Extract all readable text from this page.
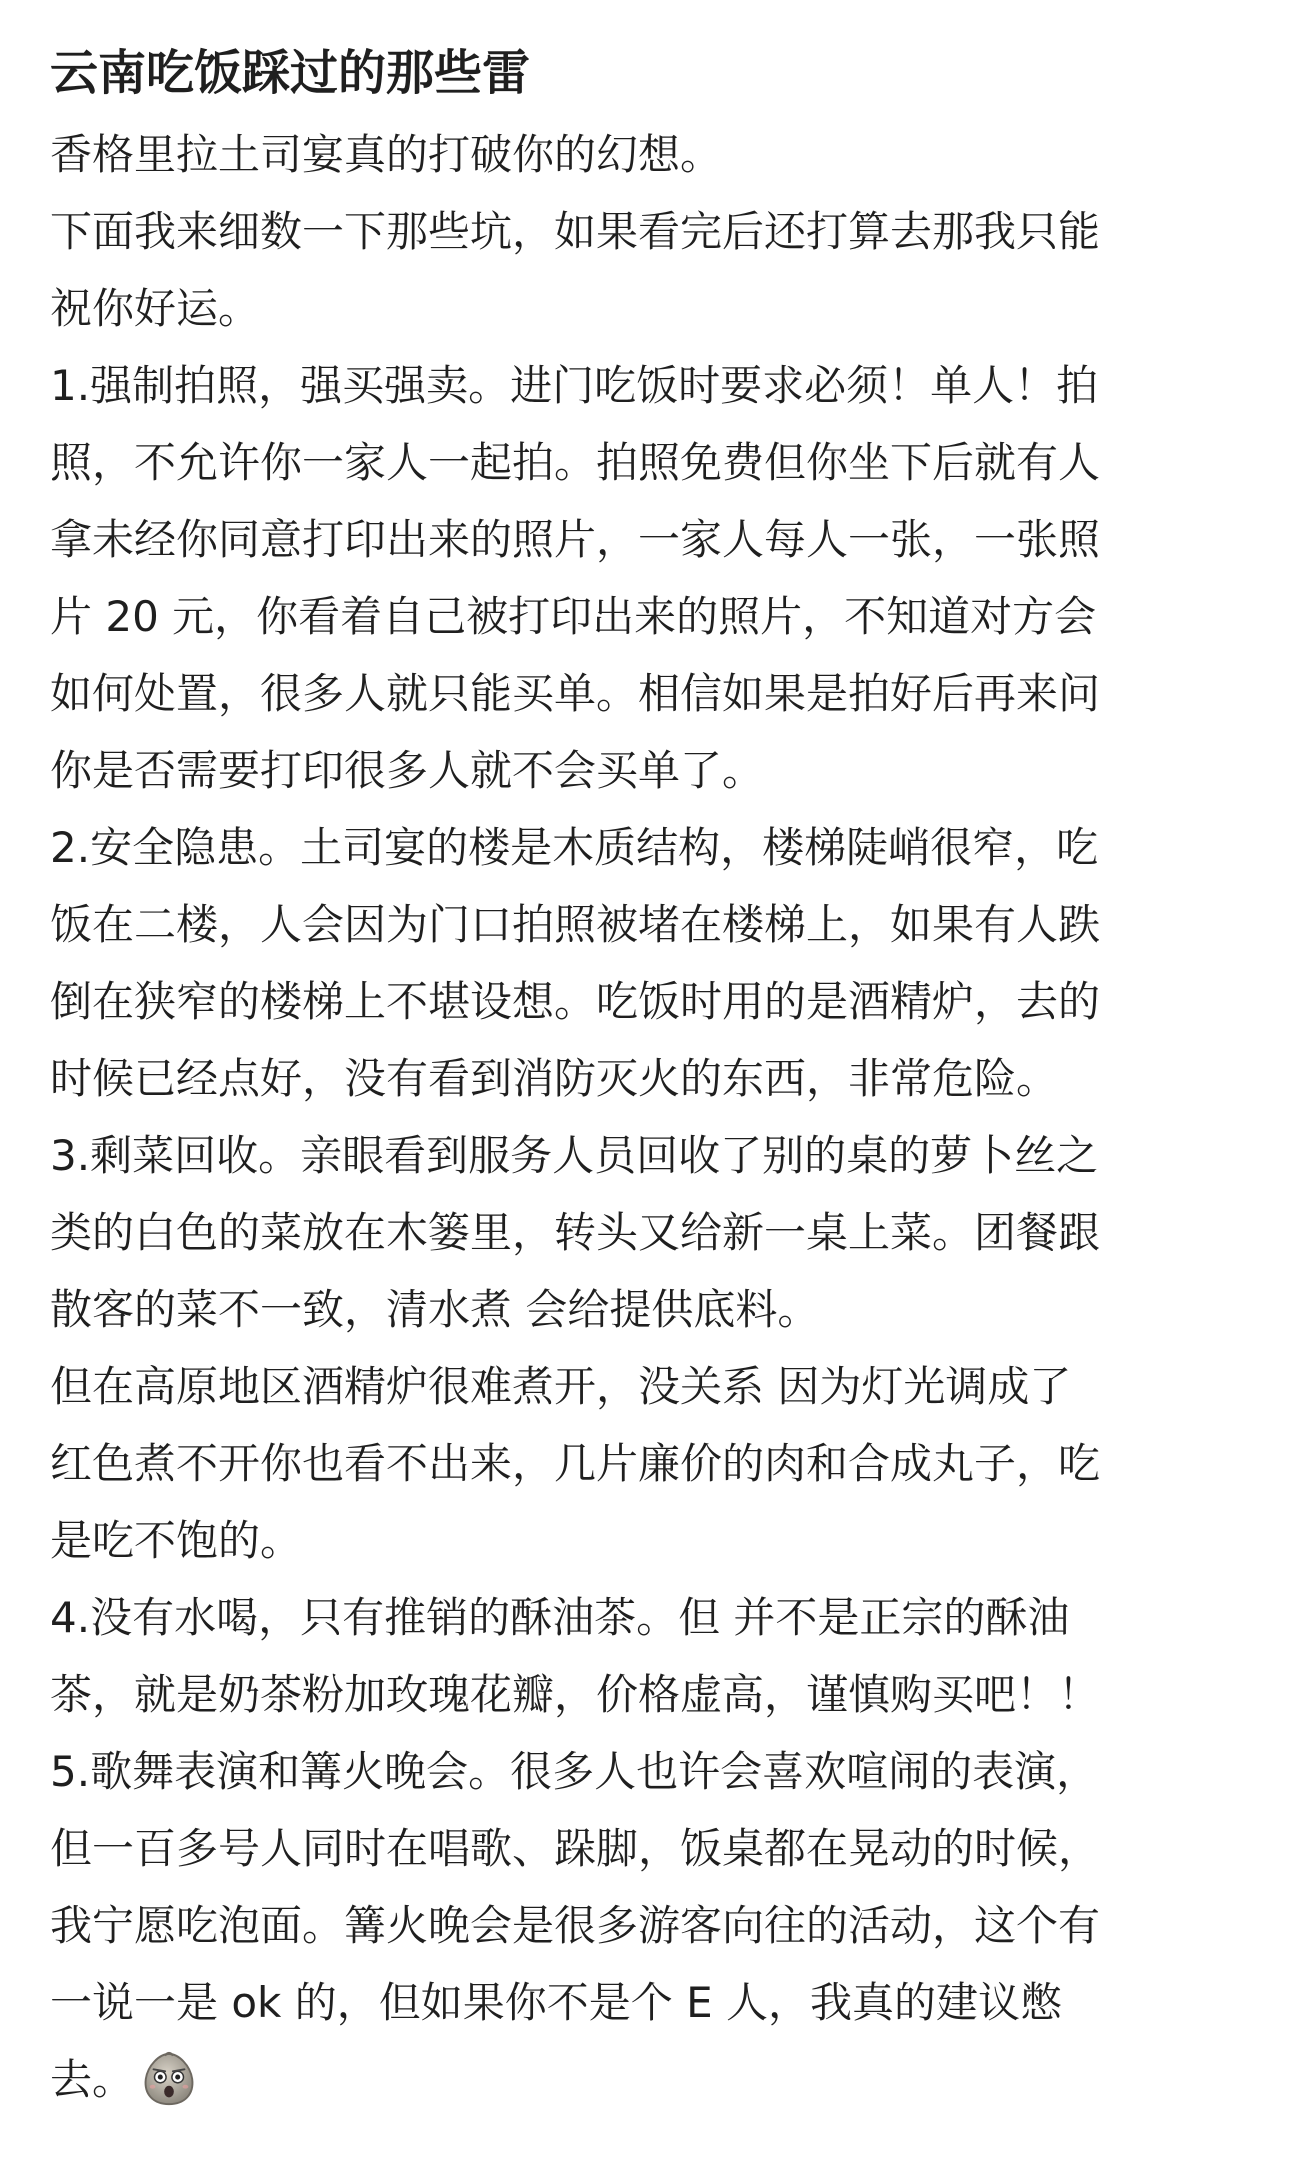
云南吃饭踩过的那些雷
香格里拉土司宴真的打破你的幻想。
下面我来细数一下那些坑，如果看完后还打算去那我只能
祝你好运。
1.强制拍照，强买强卖。进门吃饭时要求必须！单人！拍
照，不允许你一家人一起拍。拍照免费但你坐下后就有人
拿未经你同意打印出来的照片，一家人每人一张，一张照
片 20 元，你看着自己被打印出来的照片，不知道对方会
如何处置，很多人就只能买单。相信如果是拍好后再来问
你是否需要打印很多人就不会买单了。
2.安全隐患。土司宴的楼是木质结构，楼梯陡峭很窄，吃
饭在二楼，人会因为门口拍照被堵在楼梯上，如果有人跌
倒在狭窄的楼梯上不堪设想。吃饭时用的是酒精炉，去的
时候已经点好，没有看到消防灭火的东西，非常危险。
3.剩菜回收。亲眼看到服务人员回收了别的桌的萝卜丝之
类的白色的菜放在木篓里，转头又给新一桌上菜。团餐跟
散客的菜不一致，清水煮 会给提供底料。
但在高原地区酒精炉很难煮开，没关系 因为灯光调成了
红色煮不开你也看不出来，几片廉价的肉和合成丸子，吃
是吃不饱的。
4.没有水喝，只有推销的酥油茶。但 并不是正宗的酥油
茶，就是奶茶粉加玫瑰花瓣，价格虚高，谨慎购买吧！！
5.歌舞表演和篝火晚会。很多人也许会喜欢喧闹的表演，
但一百多号人同时在唱歌、跺脚，饭桌都在晃动的时候，
我宁愿吃泡面。篝火晚会是很多游客向往的活动，这个有
一说一是 ok 的，但如果你不是个 E 人，我真的建议憋
去。
